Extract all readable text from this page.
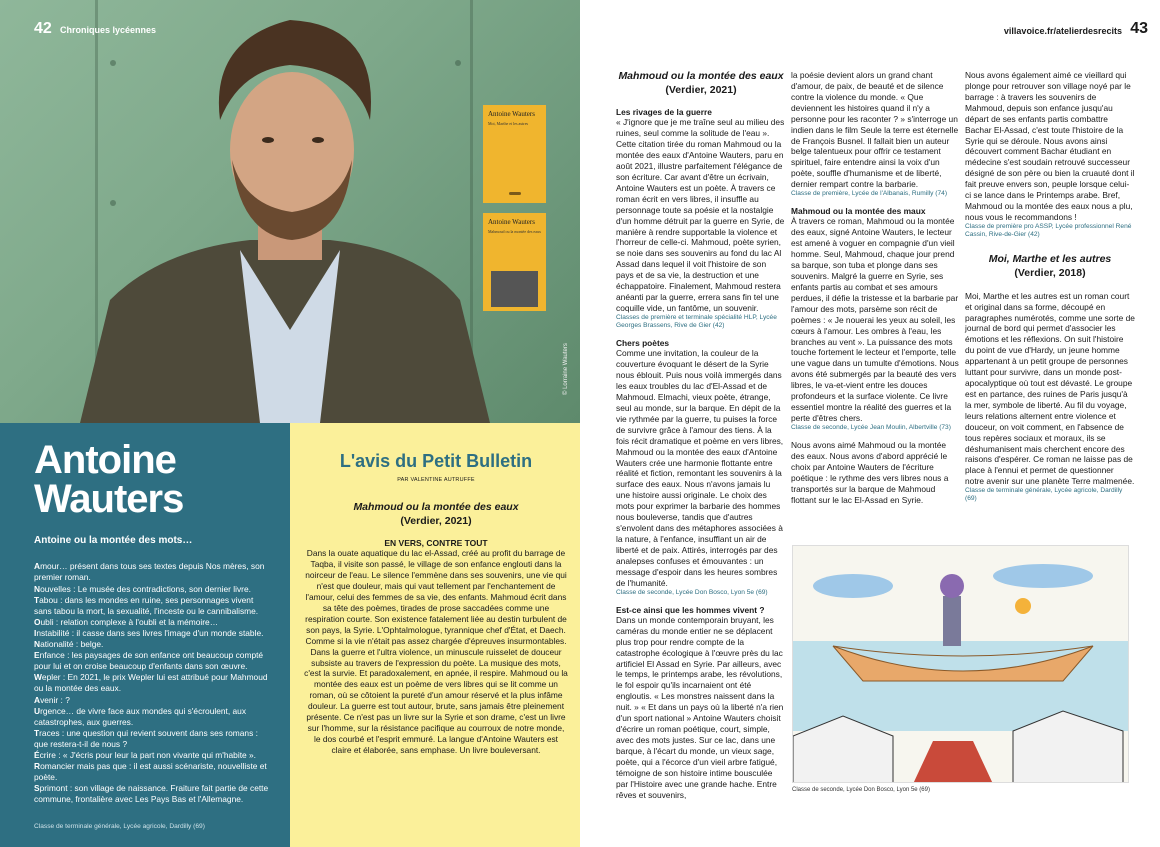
42 Chroniques lycéennes
Antoine Wauters
Moi, Marthe et les autres
Antoine Wauters
Mahmoud ou la montée des eaux
© Lorraine Wauters
Antoine
Wauters
Antoine ou la montée des mots…

Amour… présent dans tous ses textes depuis Nos mères, son premier roman.

Nouvelles : Le musée des contradictions, son dernier livre.

Tabou : dans les mondes en ruine, ses personnages vivent sans tabou la mort, la sexualité, l'inceste ou le cannibalisme.

Oubli : relation complexe à l'oubli et la mémoire…

Instabilité : il casse dans ses livres l'image d'un monde stable.

Nationalité : belge.

Enfance : les paysages de son enfance ont beaucoup compté pour lui et on croise beaucoup d'enfants dans son œuvre.

Wepler : En 2021, le prix Wepler lui est attribué pour Mahmoud ou la montée des eaux.

Avenir : ?

Urgence… de vivre face aux mondes qui s'écroulent, aux catastrophes, aux guerres.

Traces : une question qui revient souvent dans ses romans : que restera-t-il de nous ?

Écrire : « J'écris pour leur la part non vivante qui m'habite ».

Romancier mais pas que : il est aussi scénariste, nouvelliste et poète.

Sprimont : son village de naissance. Fraiture fait partie de cette commune, frontalière avec Les Pays Bas et l'Allemagne.

Classe de terminale générale, Lycée agricole, Dardilly (69)
L'avis du Petit Bulletin
PAR VALENTINE AUTRUFFE
Mahmoud ou la montée des eaux
(Verdier, 2021)
EN VERS, CONTRE TOUT

Dans la ouate aquatique du lac el-Assad, créé au profit du barrage de Taqba, il visite son passé, le village de son enfance englouti dans la noirceur de l'eau. Le silence l'emmène dans ses souvenirs, une vie qui n'est que douleur, mais qui vaut tellement par l'enchantement de l'amour, celui des femmes de sa vie, des enfants. Mahmoud écrit dans sa tête des poèmes, tirades de prose saccadées comme une respiration courte. Son existence fatalement liée au destin turbulent de son pays, la Syrie. L'Ophtalmologue, tyrannique chef d'État, et Daech.

Comme si la vie n'était pas assez chargée d'épreuves insurmontables. Dans la guerre et l'ultra violence, un minuscule ruisselet de douceur subsiste au travers de l'expression du poète. La musique des mots, c'est la survie. Et paradoxalement, en apnée, il respire. Mahmoud ou la montée des eaux est un poème de vers libres qui se lit comme un roman, où se côtoient la pureté d'un amour réservé et la plus infâme douleur. La guerre est tout autour, brute, sans jamais être pleinement présente. Ce n'est pas un livre sur la Syrie et son drame, c'est un livre sur l'homme, sur la résistance pacifique au courroux de notre monde, le dos courbé et l'esprit emmuré. La langue d'Antoine Wauters est claire et élaborée, sans emphase. Un livre bouleversant.

villavoice.fr/atelierdesrecits 43
Mahmoud ou la montée des eaux (Verdier, 2021)
Les rivages de la guerre

« J'ignore que je me traîne seul au milieu des ruines, seul comme la solitude de l'eau ». Cette citation tirée du roman Mahmoud ou la montée des eaux d'Antoine Wauters, paru en août 2021, illustre parfaitement l'élégance de son écriture. Car avant d'être un écrivain, Antoine Wauters est un poète. À travers ce roman écrit en vers libres, il insuffle au personnage toute sa poésie et la nostalgie d'un homme détruit par la guerre en Syrie, de manière à rendre supportable la violence et l'horreur de celle-ci. Mahmoud, poète syrien, se noie dans ses souvenirs au fond du lac Al Assad dans lequel il voit l'histoire de son pays et de sa vie, la destruction et une échappatoire. Finalement, Mahmoud restera anéanti par la guerre, errera sans fin tel une coquille vide, un fantôme, un souvenir.

Classes de première et terminale spécialité HLP, Lycée Georges Brassens, Rive de Gier (42)
Chers poètes

Comme une invitation, la couleur de la couverture évoquant le désert de la Syrie nous éblouit. Puis nous voilà immergés dans les eaux troubles du lac d'El-Assad et de Mahmoud. Elmachi, vieux poète, étrange, seul au monde, sur la barque. En dépit de la vie rythmée par la guerre, tu puises la force de survivre grâce à l'amour des tiens. À la fois récit dramatique et poème en vers libres, Mahmoud ou la montée des eaux d'Antoine Wauters crée une harmonie flottante entre réalité et fiction, remontant les souvenirs à la surface des eaux. Nous n'avons jamais lu une histoire aussi originale. Le choix des mots pour exprimer la barbarie des hommes nous bouleverse, tandis que d'autres s'envolent dans des métaphores associées à la nature, à l'enfance, insufflant un air de liberté et de paix. Attirés, interrogés par des analepses confuses et émouvantes : un message d'espoir dans les heures sombres de l'humanité.

Classe de seconde, Lycée Don Bosco, Lyon 5e (69)
Est-ce ainsi que les hommes vivent ?

Dans un monde contemporain bruyant, les caméras du monde entier ne se déplacent plus trop pour rendre compte de la catastrophe écologique à l'œuvre près du lac artificiel El Assad en Syrie. Par ailleurs, avec le temps, le printemps arabe, les révolutions, le fol espoir qu'ils incarnaient ont été engloutis. « Les monstres naissent dans la nuit. » « Et dans un pays où la liberté n'a rien d'un sport national » Antoine Wauters choisit d'écrire un roman poétique, court, simple, avec des mots justes. Sur ce lac, dans une barque, à l'écart du monde, un vieux sage, poète, qui a l'écorce d'un vieil arbre fatigué, témoigne de son histoire intime bousculée par l'Histoire avec une grande hache. Entre rêves et souvenirs,

la poésie devient alors un grand chant d'amour, de paix, de beauté et de silence contre la violence du monde. « Que deviennent les histoires quand il n'y a personne pour les raconter ? » s'interroge un indien dans le film Seule la terre est éternelle de François Busnel. Il fallait bien un auteur belge talentueux pour offrir ce testament spirituel, faire entendre ainsi la voix d'un poète, souffle d'humanisme et de liberté, dernier rempart contre la barbarie.

Classe de première, Lycée de l'Albanais, Rumilly (74)
Mahmoud ou la montée des maux

À travers ce roman, Mahmoud ou la montée des eaux, signé Antoine Wauters, le lecteur est amené à voguer en compagnie d'un vieil homme. Seul, Mahmoud, chaque jour prend sa barque, son tuba et plonge dans ses souvenirs. Malgré la guerre en Syrie, ses enfants partis au combat et ses amours perdues, il défie la tristesse et la barbarie par l'amour des mots, parsème son récit de poèmes : « Je nouerai les yeux au soleil, les cœurs à l'amour. Les ombres à l'eau, les branches au vent ». La puissance des mots touche fortement le lecteur et l'emporte, telle une vague dans un tumulte d'émotions. Nous avons été submergés par la beauté des vers libres, le va-et-vient entre les douces profondeurs et la surface violente. Ce livre essentiel montre la réalité des guerres et la perte d'êtres chers.

Classe de seconde, Lycée Jean Moulin, Albertville (73)

Nous avons aimé Mahmoud ou la montée des eaux. Nous avons d'abord apprécié le choix par Antoine Wauters de l'écriture poétique : le rythme des vers libres nous a transportés sur la barque de Mahmoud flottant sur le lac El-Assad en Syrie.

Nous avons également aimé ce vieillard qui plonge pour retrouver son village noyé par le barrage : à travers les souvenirs de Mahmoud, depuis son enfance jusqu'au départ de ses enfants partis combattre Bachar El-Assad, c'est toute l'histoire de la Syrie qui se déroule. Nous avons ainsi découvert comment Bachar étudiant en médecine s'est soudain retrouvé successeur désigné de son père ou bien la cruauté dont il fait preuve envers son, peuple lorsque celui-ci se lance dans le Printemps arabe. Bref, Mahmoud ou la montée des eaux nous a plu, nous vous le recommandons !

Classe de première pro ASSP, Lycée professionnel René Cassin, Rive-de-Gier (42)
Moi, Marthe et les autres
(Verdier, 2018)

Moi, Marthe et les autres est un roman court et original dans sa forme, découpé en paragraphes numérotés, comme une sorte de journal de bord qui permet d'associer les émotions et les réflexions. On suit l'histoire du point de vue d'Hardy, un jeune homme appartenant à un petit groupe de personnes luttant pour survivre, dans un monde post-apocalyptique où tout est dévasté. Le groupe est en partance, des ruines de Paris jusqu'à la mer, symbole de liberté. Au fil du voyage, leurs relations alternent entre violence et douceur, on voit comment, en l'absence de tous repères sociaux et moraux, ils se déshumanisent mais cherchent encore des raisons d'espérer. Ce roman ne laisse pas de place à l'ennui et permet de questionner notre avenir sur une planète Terre malmenée.

Classe de terminale générale, Lycée agricole, Dardilly (69)
Classe de seconde, Lycée Don Bosco, Lyon 5e (69)
